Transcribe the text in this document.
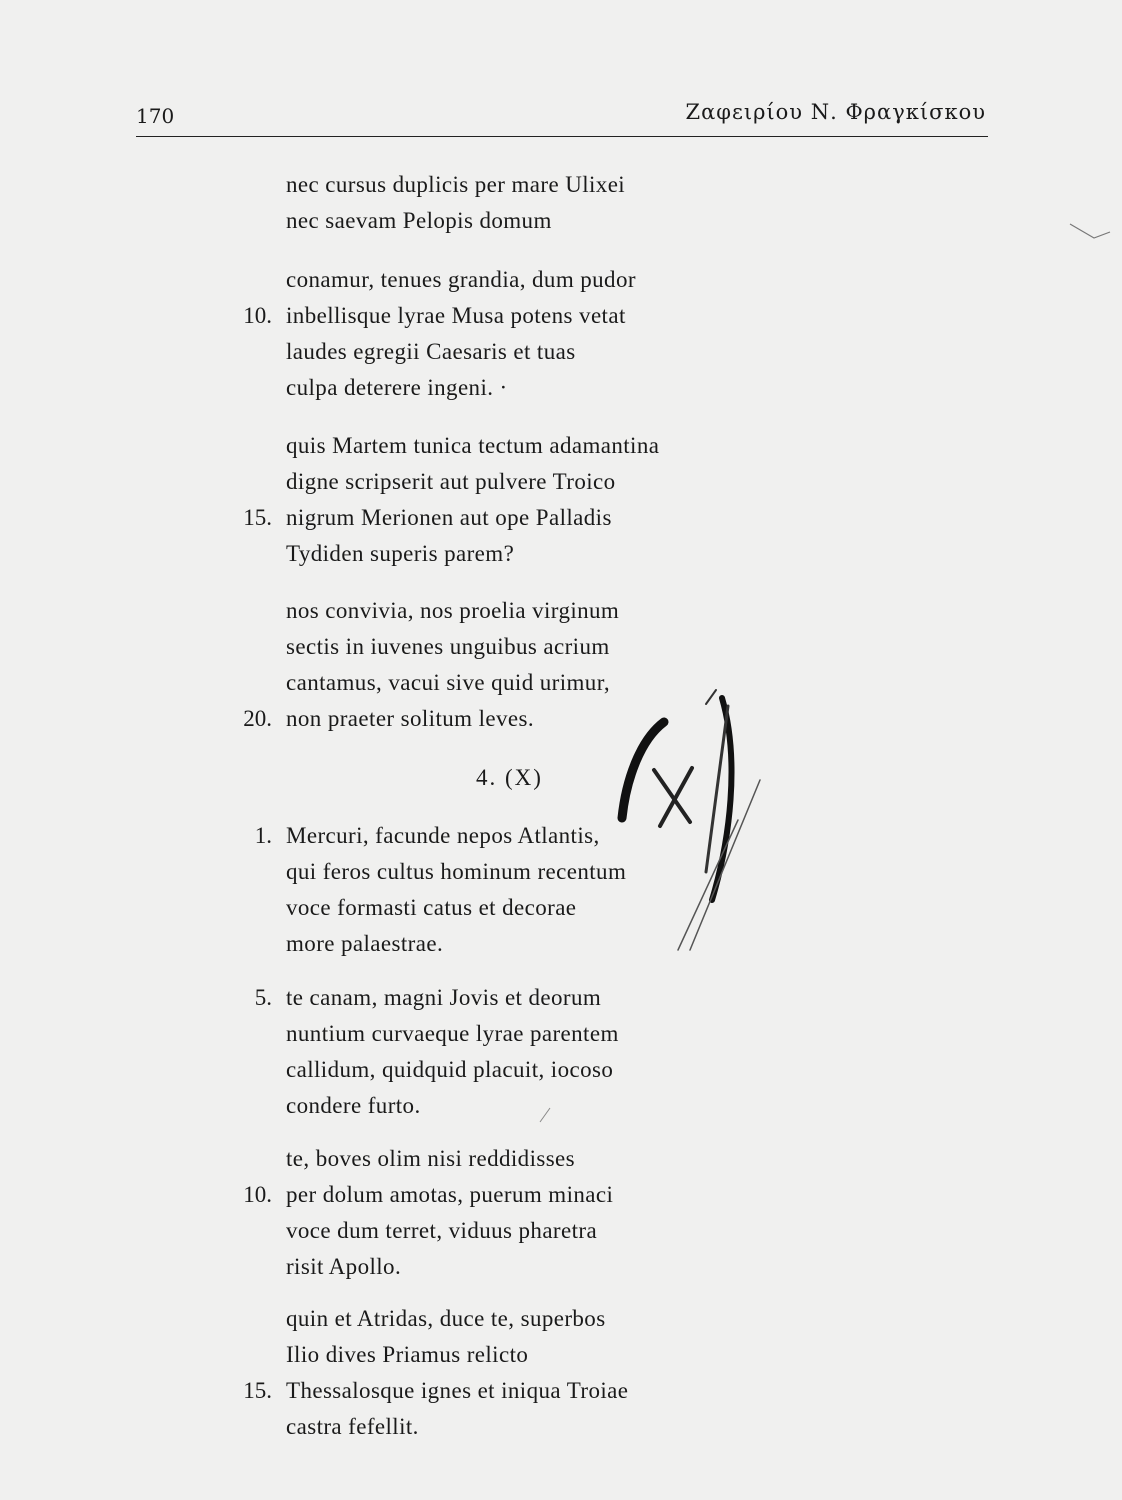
170	Ζαφειρίου Ν. Φραγκίσκου
nec cursus duplicis per mare Ulixei
nec saevam Pelopis domum
conamur, tenues grandia, dum pudor
10. inbellisque lyrae Musa potens vetat
laudes egregii Caesaris et tuas
culpa deterere ingeni. ·
quis Martem tunica tectum adamantina
digne scripserit aut pulvere Troico
15. nigrum Merionen aut ope Palladis
Tydiden superis parem?
nos convivia, nos proelia virginum
sectis in iuvenes unguibus acrium
cantamus, vacui sive quid urimur,
20. non praeter solitum leves.
4. (X)
1. Mercuri, facunde nepos Atlantis,
qui feros cultus hominum recentum
voce formasti catus et decorae
more palaestrae.
5. te canam, magni Jovis et deorum
nuntium curvaeque lyrae parentem
callidum, quidquid placuit, iocoso
condere furto.
te, boves olim nisi reddidisses
10. per dolum amotas, puerum minaci
voce dum terret, viduus pharetra
risit Apollo.
quin et Atridas, duce te, superbos
Ilio dives Priamus relicto
15. Thessalosque ignes et iniqua Troiae
castra fefellit.
